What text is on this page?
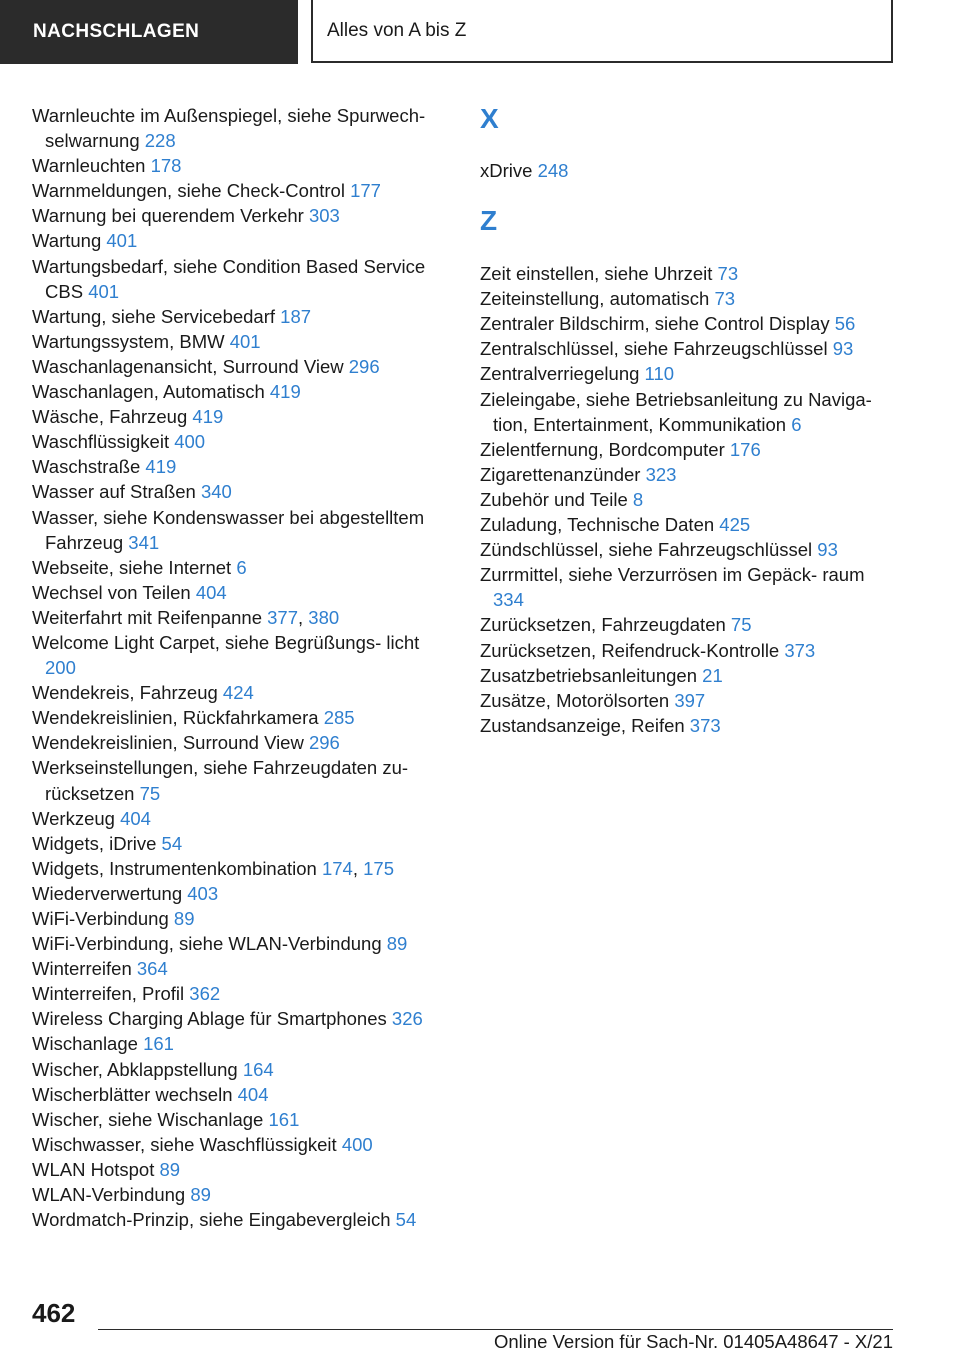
NACHSCHLAGEN	Alles von A bis Z
Warnleuchte im Außenspiegel, siehe Spurwech- selwarnung 228
Warnleuchten 178
Warnmeldungen, siehe Check-Control 177
Warnung bei querendem Verkehr 303
Wartung 401
Wartungsbedarf, siehe Condition Based Service CBS 401
Wartung, siehe Servicebedarf 187
Wartungssystem, BMW 401
Waschanlagenansicht, Surround View 296
Waschanlagen, Automatisch 419
Wäsche, Fahrzeug 419
Waschflüssigkeit 400
Waschstraße 419
Wasser auf Straßen 340
Wasser, siehe Kondenswasser bei abgestelltem Fahrzeug 341
Webseite, siehe Internet 6
Wechsel von Teilen 404
Weiterfahrt mit Reifenpanne 377, 380
Welcome Light Carpet, siehe Begrüßungs- licht 200
Wendekreis, Fahrzeug 424
Wendekreislinien, Rückfahrkamera 285
Wendekreislinien, Surround View 296
Werkseinstellungen, siehe Fahrzeugdaten zu- rücksetzen 75
Werkzeug 404
Widgets, iDrive 54
Widgets, Instrumentenkombination 174, 175
Wiederverwertung 403
WiFi-Verbindung 89
WiFi-Verbindung, siehe WLAN-Verbindung 89
Winterreifen 364
Winterreifen, Profil 362
Wireless Charging Ablage für Smartphones 326
Wischanlage 161
Wischer, Abklappstellung 164
Wischerblätter wechseln 404
Wischer, siehe Wischanlage 161
Wischwasser, siehe Waschflüssigkeit 400
WLAN Hotspot 89
WLAN-Verbindung 89
Wordmatch-Prinzip, siehe Eingabevergleich 54
X
xDrive 248
Z
Zeit einstellen, siehe Uhrzeit 73
Zeiteinstellung, automatisch 73
Zentraler Bildschirm, siehe Control Display 56
Zentralschlüssel, siehe Fahrzeugschlüssel 93
Zentralverriegelung 110
Zieleingabe, siehe Betriebsanleitung zu Naviga- tion, Entertainment, Kommunikation 6
Zielentfernung, Bordcomputer 176
Zigarettenanzünder 323
Zubehör und Teile 8
Zuladung, Technische Daten 425
Zündschlüssel, siehe Fahrzeugschlüssel 93
Zurrmittel, siehe Verzurrösen im Gepäck- raum 334
Zurücksetzen, Fahrzeugdaten 75
Zurücksetzen, Reifendruck-Kontrolle 373
Zusatzbetriebsanleitungen 21
Zusätze, Motorölsorten 397
Zustandsanzeige, Reifen 373
462
Online Version für Sach-Nr. 01405A48647 - X/21
